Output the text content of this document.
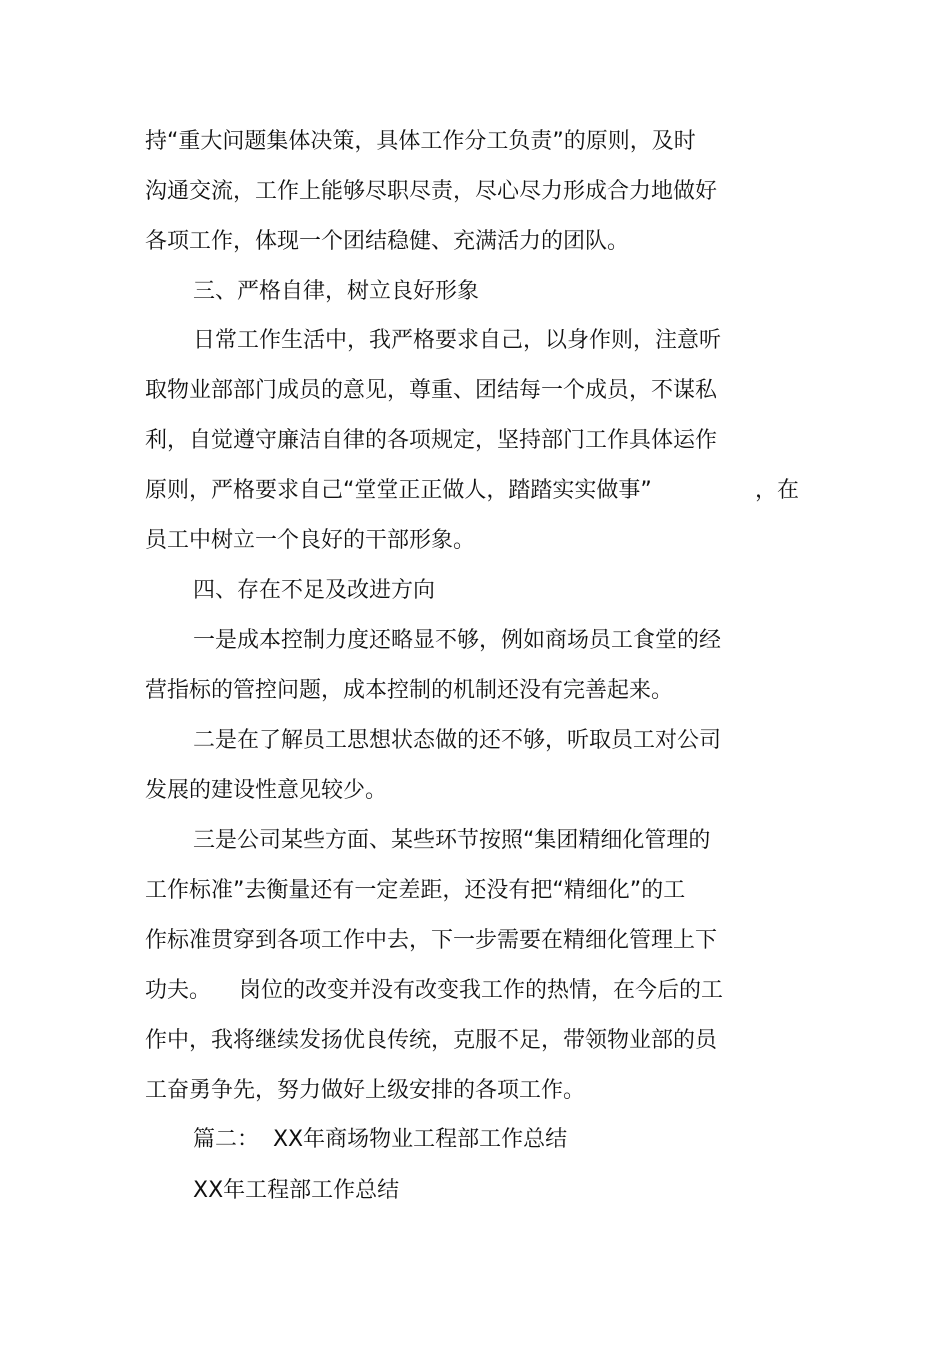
持“重大问题集体决策，具体工作分工负责”的原则，及时
沟通交流，工作上能够尽职尽责，尽心尽力形成合力地做好
各项工作，体现一个团结稳健、充满活力的团队。
三、严格自律，树立良好形象
日常工作生活中，我严格要求自己，以身作则，注意听
取物业部部门成员的意见，尊重、团结每一个成员，不谋私
利，自觉遵守廉洁自律的各项规定，坚持部门工作具体运作
原则，严格要求自己“堂堂正正做人，踏踏实实做事”	，在
员工中树立一个良好的干部形象。
四、存在不足及改进方向
一是成本控制力度还略显不够，例如商场员工食堂的经
营指标的管控问题，成本控制的机制还没有完善起来。
二是在了解员工思想状态做的还不够，听取员工对公司
发展的建设性意见较少。
三是公司某些方面、某些环节按照“集团精细化管理的
工作标准”去衡量还有一定差距，还没有把“精细化”的工
作标准贯穿到各项工作中去，下一步需要在精细化管理上下
功夫。    岗位的改变并没有改变我工作的热情，在今后的工
作中，我将继续发扬优良传统，克服不足，带领物业部的员
工奋勇争先，努力做好上级安排的各项工作。
篇二：  XX年商场物业工程部工作总结
XX年工程部工作总结
